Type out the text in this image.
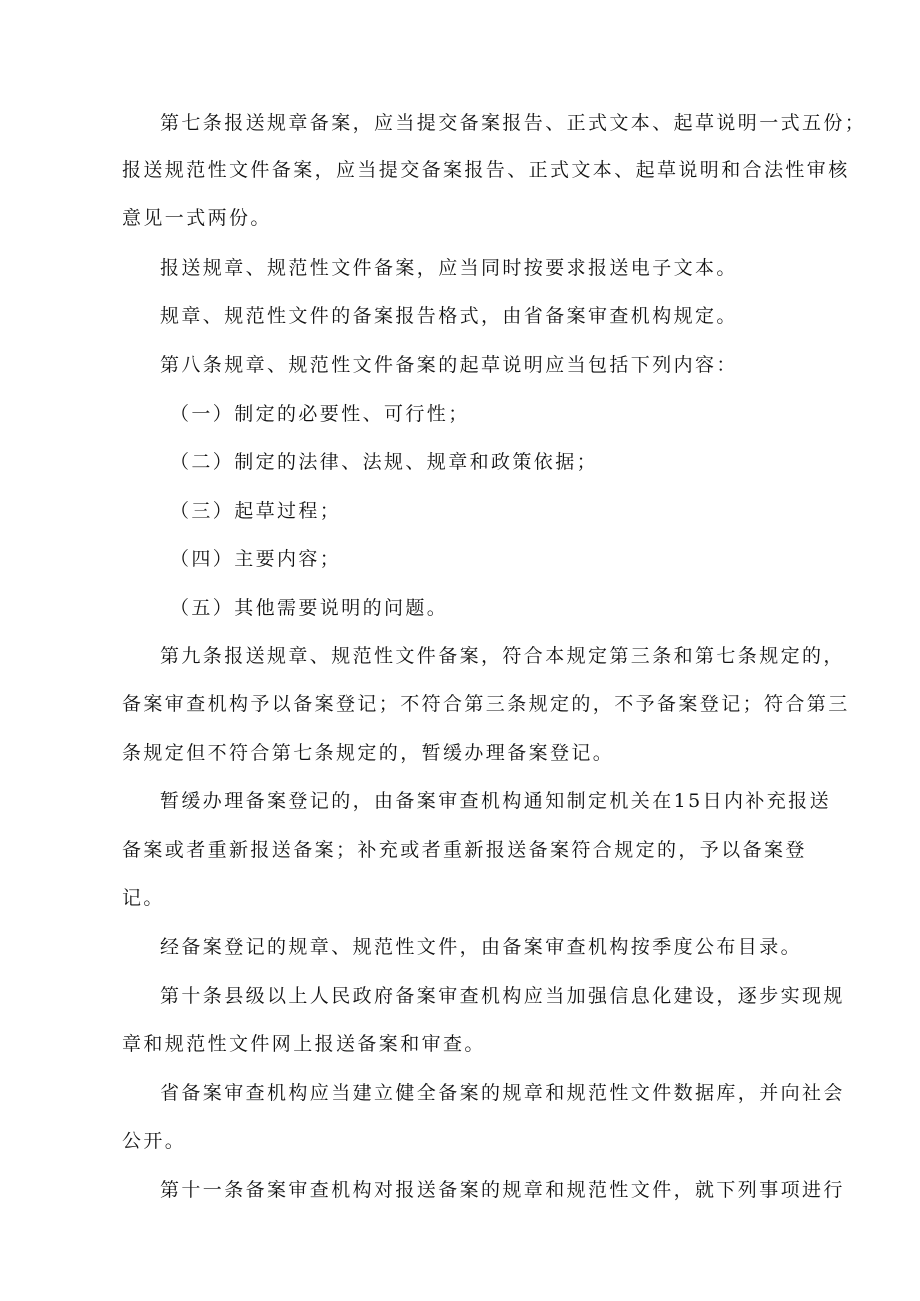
第七条报送规章备案，应当提交备案报告、正式文本、起草说明一式五份；

报送规范性文件备案，应当提交备案报告、正式文本、起草说明和合法性审核

意见一式两份。

报送规章、规范性文件备案，应当同时按要求报送电子文本。

规章、规范性文件的备案报告格式，由省备案审查机构规定。

第八条规章、规范性文件备案的起草说明应当包括下列内容：

（一）制定的必要性、可行性；

（二）制定的法律、法规、规章和政策依据；

（三）起草过程；

（四）主要内容；

（五）其他需要说明的问题。

第九条报送规章、规范性文件备案，符合本规定第三条和第七条规定的，

备案审查机构予以备案登记；不符合第三条规定的，不予备案登记；符合第三

条规定但不符合第七条规定的，暂缓办理备案登记。

暂缓办理备案登记的，由备案审查机构通知制定机关在15日内补充报送

备案或者重新报送备案；补充或者重新报送备案符合规定的，予以备案登

记。

经备案登记的规章、规范性文件，由备案审查机构按季度公布目录。

第十条县级以上人民政府备案审查机构应当加强信息化建设，逐步实现规

章和规范性文件网上报送备案和审查。

省备案审查机构应当建立健全备案的规章和规范性文件数据库，并向社会

公开。

第十一条备案审查机构对报送备案的规章和规范性文件，就下列事项进行
